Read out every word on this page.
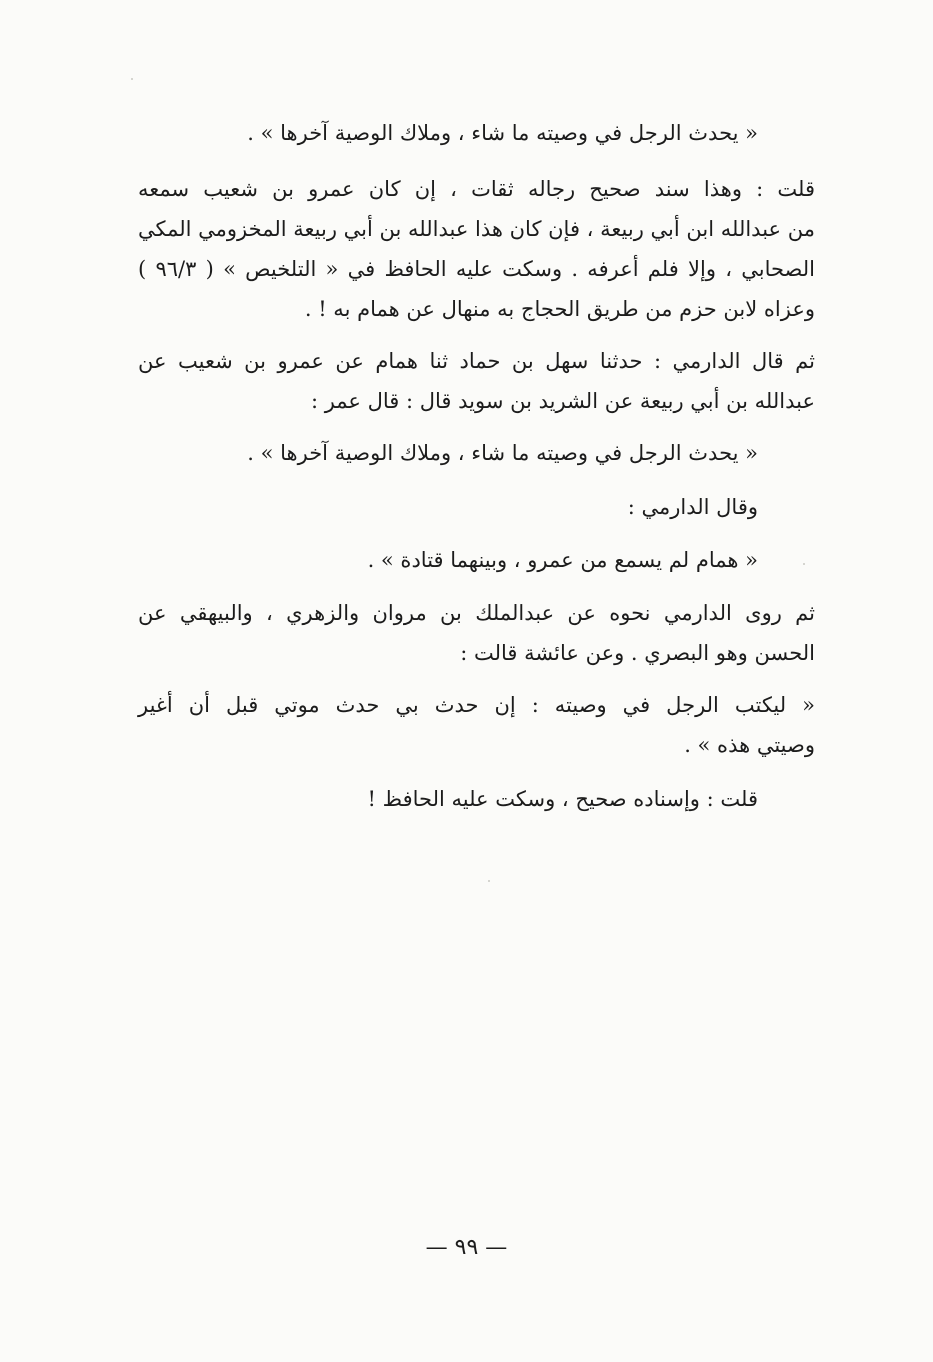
« يحدث الرجل في وصيته ما شاء ، وملاك الوصية آخرها » .
قلت : وهذا سند صحيح رجاله ثقات ، إن كان عمرو بن شعيب سمعه
من عبدالله ابن أبي ربيعة ، فإن كان هذا عبدالله بن أبي ربيعة المخزومي المكي
الصحابي ، وإلا فلم أعرفه . وسكت عليه الحافظ في « التلخيص » ( ٩٦/٣ )
وعزاه لابن حزم من طريق الحجاج به منهال عن همام به ! .
ثم قال الدارمي : حدثنا سهل بن حماد ثنا همام عن عمرو بن شعيب عن
عبدالله بن أبي ربيعة عن الشريد بن سويد قال : قال عمر :
« يحدث الرجل في وصيته ما شاء ، وملاك الوصية آخرها » .
وقال الدارمي :
« همام لم يسمع من عمرو ، وبينهما قتادة » .
ثم روى الدارمي نحوه عن عبدالملك بن مروان والزهري ، والبيهقي عن
الحسن وهو البصري . وعن عائشة قالت :
« ليكتب الرجل في وصيته : إن حدث بي حدث موتي قبل أن أغير
وصيتي هذه » .
قلت : وإسناده صحيح ، وسكت عليه الحافظ !
— ٩٩ —
